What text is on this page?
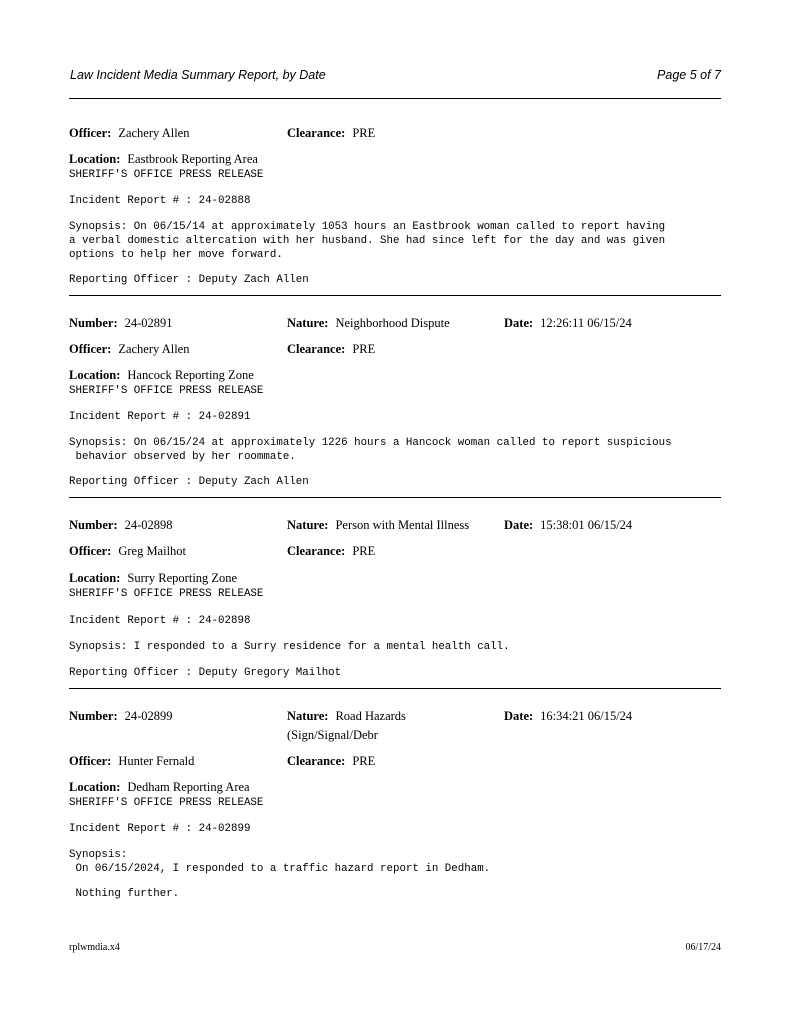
Law Incident Media Summary Report, by Date	Page 5 of 7
Officer: Zachery Allen	Clearance: PRE
Location: Eastbrook Reporting Area
SHERIFF'S OFFICE PRESS RELEASE
Incident Report # : 24-02888
Synopsis: On 06/15/14 at approximately 1053 hours an Eastbrook woman called to report having
a verbal domestic altercation with her husband. She had since left for the day and was given
options to help her move forward.
Reporting Officer : Deputy Zach Allen
Number: 24-02891	Nature: Neighborhood Dispute	Date: 12:26:11 06/15/24
Officer: Zachery Allen	Clearance: PRE
Location: Hancock Reporting Zone
SHERIFF'S OFFICE PRESS RELEASE
Incident Report # : 24-02891
Synopsis: On 06/15/24 at approximately 1226 hours a Hancock woman called to report suspicious
behavior observed by her roommate.
Reporting Officer : Deputy Zach Allen
Number: 24-02898	Nature: Person with Mental Illness	Date: 15:38:01 06/15/24
Officer: Greg Mailhot	Clearance: PRE
Location: Surry Reporting Zone
SHERIFF'S OFFICE PRESS RELEASE
Incident Report # : 24-02898
Synopsis: I responded to a Surry residence for a mental health call.
Reporting Officer : Deputy Gregory Mailhot
Number: 24-02899	Nature: Road Hazards
(Sign/Signal/Debr
Date: 16:34:21 06/15/24
Officer: Hunter Fernald	Clearance: PRE
Location: Dedham Reporting Area
SHERIFF'S OFFICE PRESS RELEASE
Incident Report # : 24-02899
Synopsis:
On 06/15/2024, I responded to a traffic hazard report in Dedham.
Nothing further.
rplwmdia.x4	06/17/24
